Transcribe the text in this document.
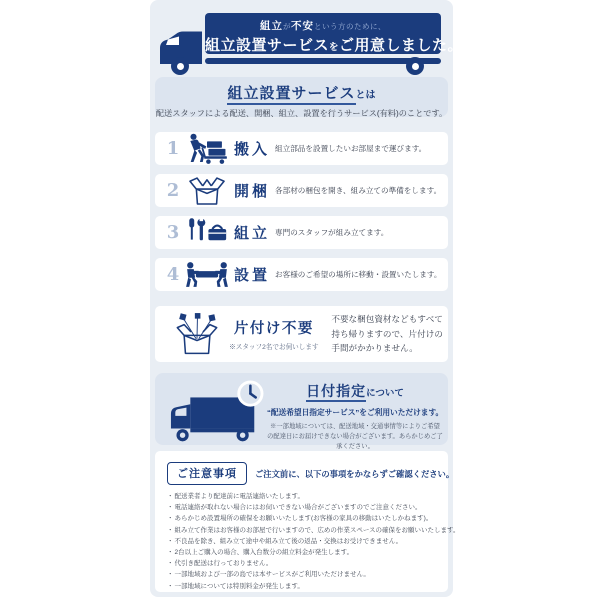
組立が不安という方のために、
組立設置サービスをご用意しました。
組立設置サービスとは
配送スタッフによる配送、開梱、組立、設置を行うサービス(有料)のことです。
1	搬入 組立部品を設置したいお部屋まで運びます。
2	開梱 各部材の梱包を開き、組み立ての準備をします。
3	組立 専門のスタッフが組み立てます。
4	設置 お客様のご希望の場所に移動・設置いたします。
片付け不要
※スタッフ2名でお伺いします
不要な梱包資材などもすべて持ち帰りますので、片付けの手間がかかりません。
日付指定について
“配送希望日指定サービス”をご利用いただけます。
※一部地域については、配送地域・交通事情等によりご希望の配達日にお届けできない場合がございます。あらかじめご了承ください。
ご注意事項	ご注文前に、以下の事項をかならずご確認ください。
・ 配送業者より配達前に電話連絡いたします。
・ 電話連絡が取れない場合にはお伺いできない場合がございますのでご注意ください。
・ あらかじめ設置場所の確保をお願いいたします(お客様の家具の移動はいたしかねます)。
・ 組み立て作業はお客様のお部屋で行いますので、広めの作業スペースの確保をお願いいたします。
・ 不良品を除き、組み立て途中や組み立て後の返品・交換はお受けできません。
・ 2台以上ご購入の場合、購入台数分の組立料金が発生します。
・ 代引き配送は行っておりません。
・ 一部地域および一部の島では本サービスがご利用いただけません。
・ 一部地域については特別料金が発生します。
